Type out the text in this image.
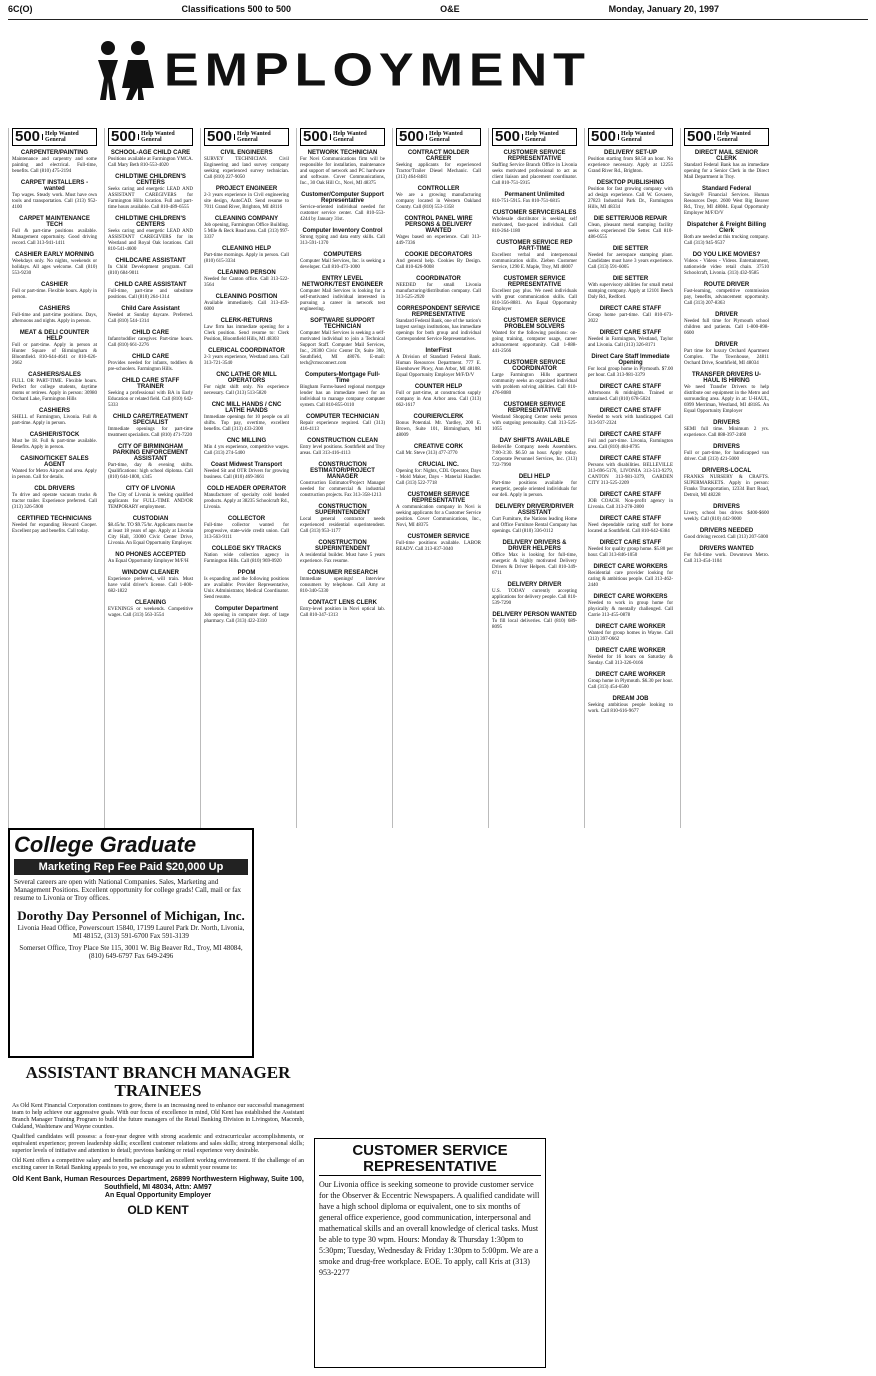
6C(O)	Classifications 500 to 500	O&E	Monday, January 20, 1997
EMPLOYMENT
500 Help Wanted General
CARPENTER/PAINTING

Maintenance and carpentry and some painting and electrical. Full-time, benefits. Call (810) 475-2194

CARPET INSTALLERS - wanted

Top wages. Steady work. Must have own tools and transportation. Call (313) 952-4100

CARPET MAINTENANCE TECH

Full & part-time positions available. Management opportunity. Good driving record. Call 313-941-1411

CASHIER EARLY MORNING

Weekdays only. No nights, weekends or holidays. All ages welcome. Call (810) 553-9230

CASHIER

Full or part-time. Flexible hours. Apply in person.

CASHIERS

Full-time and part-time positions. Days, afternoons and nights. Apply in person.

MEAT & DELI COUNTER HELP

Full or part-time. Apply in person at Hunter Square of Birmingham & Bloomfield. 810-644-4641 or 810-626-2662

CASHIERS/SALES

FULL OR PART-TIME. Flexible hours. Perfect for college students, daytime moms or retirees. Apply in person: 30980 Orchard Lake, Farmington Hills

CASHIERS

SHELL of Farmington, Livonia. Full & part-time. Apply in person.

CASHIER/STOCK

Must be 18. Full & part-time available. Benefits. Apply in person.

CASINO/TICKET SALES AGENT

Wanted for Metro Airport and area. Apply in person. Call for details.

CDL DRIVERS

To drive and operate vacuum trucks & tractor trailer. Experience preferred. Call (313) 326-5900

CERTIFIED TECHNICIANS

Needed for expanding Howard Cooper. Excellent pay and benefits. Call today.

500 Help Wanted General
SCHOOL-AGE CHILD CARE

Positions available at Farmington YMCA. Call Mary Beth 810-553-4020

CHILDTIME CHILDREN'S CENTERS

Seeks caring and energetic LEAD AND ASSISTANT CAREGIVERS for Farmington Hills location. Full and part-time hours available. Call 810-489-6555

CHILDTIME CHILDREN'S CENTERS

Seeks caring and energetic LEAD AND ASSISTANT CAREGIVERS for its Westland and Royal Oak locations. Call 810-541-4600

CHILDCARE ASSISTANT

In Child Development program. Call (810) 684-9011

CHILD CARE ASSISTANT

Full-time, part-time and substitute positions. Call (810) 264-1314

Child Care Assistant

Needed at Sunday daycare. Preferred. Call (810) 544-1314

CHILD CARE

Infant/toddler caregiver. Part-time hours. Call (810) 661-2276

CHILD CARE

Provides needed for infants, toddlers & pre-schoolers. Farmington Hills.

CHILD CARE STAFF TRAINER

Seeking a professional with BA in Early Education or related field. Call (810) 642-5333

CHILD CARE/TREATMENT SPECIALIST

Immediate openings for part-time treatment specialists. Call (810) 471-7220

CITY OF BIRMINGHAM PARKING ENFORCEMENT ASSISTANT

Part-time, day & evening shifts. Qualifications: high school diploma. Call (810) 644-1800, x345

CITY OF LIVONIA

The City of Livonia is seeking qualified applicants for FULL-TIME AND/OR TEMPORARY employment.

CUSTODIAN

$8.45/hr. TO $9.75/hr. Applicants must be at least 18 years of age. Apply at Livonia City Hall, 33000 Civic Center Drive, Livonia. An Equal Opportunity Employer.

NO PHONES ACCEPTED

An Equal Opportunity Employer M/F/H

WINDOW CLEANER

Experience preferred, will train. Must have valid driver's license. Call 1-800-682-1822

CLEANING

EVENINGS or weekends. Competitive wages. Call (313) 563-3554

500 Help Wanted General
CIVIL ENGINEERS

SURVEY TECHNICIAN. Civil Engineering and land survey company seeking experienced survey technician. Call (810) 227-9050

PROJECT ENGINEER

2-3 years experience in Civil engineering site design, AutoCAD. Send resume to 7011 Grand River, Brighton, MI 48116

CLEANING COMPANY

Job opening, Farmington Office Building. 5 Mile & Beck Road area. Call (313) 997-3337

CLEANING HELP

Part-time mornings. Apply in person. Call (810) 615-3334

CLEANING PERSON

Needed for Canton office. Call 313-522-3564

CLEANING POSITION

Available immediately. Call 313-459-6000

CLERK-RETURNS

Law firm has immediate opening for a Clerk position. Send resume to: Clerk Position, Bloomfield Hills, MI 48303

CLERICAL COORDINATOR

2-3 years experience, Westland area. Call 313-721-3540

CNC LATHE OR MILL OPERATORS

For night shift only. No experience necessary. Call (313) 513-5820

CNC MILL HANDS / CNC LATHE HANDS

Immediate openings for 10 people on all shifts. Top pay, overtime, excellent benefits. Call (313) 433-2300

CNC MILLING

Min 4 yrs experience, competitive wages. Call (313) 274-5400

Coast Midwest Transport

Needed Sit and OTR Drivers for growing business. Call (810) 469-3661

COLD HEADER OPERATOR

Manufacturer of specialty cold headed products. Apply at 38235 Schoolcraft Rd., Livonia.

COLLECTOR

Full-time collector wanted for progressive, state-wide credit union. Call 313-563-9111

COLLEGE SKY TRACKS

Nation wide collection agency in Farmington Hills. Call (810) 969-0920

PPOM

Is expanding and the following positions are available: Provider Representative, Unix Administrator, Medical Coordinator. Send resume.

Computer Department

Job opening in computer dept. of large pharmacy. Call (313) 422-3310

500 Help Wanted General
NETWORK TECHNICIAN

For Novi Communications firm will be responsible for installation, maintenance and support of network and PC hardware and software. Cover Communications, Inc., 30 Oak Hill Ct., Novi, MI 48375

Customer/Computer Support Representative

Service-oriented individual needed for customer service center. Call 810-553-4244 by January 31st.

Computer Inventory Control

Strong typing and data entry skills. Call 313-591-1370

COMPUTERS

Computer Mail Services, Inc. is seeking a developer. Call 810-473-1000

ENTRY LEVEL NETWORK/TEST ENGINEER

Computer Mail Services is looking for a self-motivated individual interested in pursuing a career in network test engineering.

SOFTWARE SUPPORT TECHNICIAN

Computer Mail Services is seeking a self-motivated individual to join a Technical Support Staff. Computer Mail Services, Inc., 20300 Civic Center Dr, Suite 300, Southfield, MI 48076. E-mail: tech@cmsconnect.com

Computers-Mortgage Full-Time

Bingham Farms-based regional mortgage lender has an immediate need for an individual to manage company computer system. Call 810-855-0110

COMPUTER TECHNICIAN

Repair experience required. Call (313) 416-4113

CONSTRUCTION CLEAN

Entry level positions. Southfield and Troy areas. Call 313-416-4113

CONSTRUCTION ESTIMATOR/PROJECT MANAGER

Construction Estimator/Project Manager needed for commercial & industrial construction projects. Fax 313-358-1213

CONSTRUCTION SUPERINTENDENT

Local general contractor needs experienced residential superintendent. Call (313) 953-1177

CONSTRUCTION SUPERINTENDENT

A residential builder. Must have 5 years experience. Fax resume.

CONSUMER RESEARCH

Immediate openings! Interview consumers by telephone. Call Amy at 810-340-5330

CONTACT LENS CLERK

Entry-level position in Novi optical lab. Call 810-347-1313

500 Help Wanted General
CONTRACT MOLDER CAREER

Seeking applicants for experienced Tractor/Trailer Diesel Mechanic. Call (313) 464-8481

CONTROLLER

We are a growing manufacturing company located in Western Oakland County. Call (810) 553-1358

CONTROL PANEL WIRE PERSONS & DELIVERY WANTED

Wages based on experience. Call 313-449-7336

COOKIE DECORATORS

And general help. Cookies By Design. Call 810-626-9008

COORDINATOR

NEEDED for small Livonia manufacturing/distribution company. Call 313-525-2920

CORRESPONDENT SERVICE REPRESENTATIVE

Standard Federal Bank, one of the nation's largest savings institutions, has immediate openings for both group and individual Correspondent Service Representatives.

InterFirst

A Division of Standard Federal Bank. Human Resources Department. 777 E. Eisenhower Pkwy, Ann Arbor, MI 48108. Equal Opportunity Employer M/F/D/V

COUNTER HELP

Full or part-time, at construction supply company in Ann Arbor area. Call (313) 662-1617

COURIER/CLERK

Bonus Potential. Mr. Yardley, 200 E. Brown, Suite 101, Birmingham, MI 48009

CREATIVE CORK

Call Mr. Steve (313) 477-3770

CRUCIAL INC.

Opening for: Nights, CDL Operator, Days - Mold Maker, Days - Material Handler. Call (313) 522-7718

CUSTOMER SERVICE REPRESENTATIVE

A communication company in Novi is seeking applicants for a Customer Service position. Cover Communications, Inc., Novi, MI 48375

CUSTOMER SERVICE

Full-time positions available. LABOR READY. Call 313-837-3040

500 Help Wanted General
CUSTOMER SERVICE REPRESENTATIVE

Staffing Service Branch Office in Livonia seeks motivated professional to act as client liaison and placement coordinator. Call 810-751-5915

Permanent Unlimited

810-751-5915. Fax 810-751-6815

CUSTOMER SERVICE/SALES

Wholesale distributor is seeking self motivated, fast-paced individual. Call 810-264-1180

CUSTOMER SERVICE REP PART-TIME

Excellent verbal and interpersonal communication skills. Zieben Customer Service, 1290 E. Maple, Troy, MI 48007

CUSTOMER SERVICE REPRESENTATIVE

Excellent pay plus. We need individuals with great communication skills. Call 810-356-8881. An Equal Opportunity Employer

CUSTOMER SERVICE PROBLEM SOLVERS

Wanted for the following positions: on-going training, computer usage, career advancement opportunity. Call 1-888-441-2566

CUSTOMER SERVICE COORDINATOR

Large Farmington Hills apartment community seeks an organized individual with problem solving abilities. Call 810-476-8080

CUSTOMER SERVICE REPRESENTATIVE

Westland Shopping Center seeks person with outgoing personality. Call 313-525-1055

DAY SHIFTS AVAILABLE

Belleville Company needs Assemblers. 7:00-3:30. $6.50 an hour. Apply today. Corporate Personnel Services, Inc. (313) 722-7990

DELI HELP

Part-time positions available for energetic, people oriented individuals for our deli. Apply in person.

DELIVERY DRIVER/DRIVER ASSISTANT

Curt Furniture, the Nations leading Home and Office Furniture Rental Company has openings. Call (810) 336-0112

DELIVERY DRIVERS & DRIVER HELPERS

Office Max is looking for full-time, energetic & highly motivated Delivery Drivers & Driver Helpers. Call 810-349-6711

DELIVERY DRIVER

U.S. TODAY currently accepting applications for delivery people. Call 810-539-7290

DELIVERY PERSON WANTED

To fill local deliveries. Call (810) 689-8095

500 Help Wanted General
DELIVERY SET-UP

Position starting from $8.50 an hour. No experience necessary. Apply at 12255 Grand River Rd., Brighton.

DESKTOP PUBLISHING

Position for fast growing company with ad design experience. Call W. Govaere, 27823 Industrial Park Dr., Farmington Hills, MI 48334

DIE SETTER/JOB REPAIR

Clean, pleasant metal stamping facility seeks experienced Die Setter. Call 810-486-0555

DIE SETTER

Needed for aerospace stamping plant. Candidates must have 3 years experience. Call (313) 591-6005

DIE SETTER

With supervisory abilities for small metal stamping company. Apply at 12101 Beech Daly Rd., Redford.

DIRECT CARE STAFF

Group home part-time. Call 810-673-2022

DIRECT CARE STAFF

Needed in Farmington, Westland, Taylor and Livonia. Call (313) 326-8171

Direct Care Staff Immediate Opening

For local group home in Plymouth. $7.00 per hour. Call 313-981-3379

DIRECT CARE STAFF

Afternoons & midnights. Trained or untrained. Call (810) 678-5024

DIRECT CARE STAFF

Needed to work with handicapped. Call 313-937-2324

DIRECT CARE STAFF

Full and part-time. Livonia, Farmington area. Call (810) 484-8795

DIRECT CARE STAFF

Persons with disabilities. BELLEVILLE 313-696-5176, LIVONIA 313-513-9279, CANTON 313-981-3379, GARDEN CITY 313-525-2209

DIRECT CARE STAFF

JOB COACH. Non-profit agency in Livonia. Call 313-278-2800

DIRECT CARE STAFF

Need dependable caring staff for home located at Southfield. Call 810-642-6384

DIRECT CARE STAFF

Needed for quality group home. $5.80 per hour. Call 313-846-1050

DIRECT CARE WORKERS

Residential care provider looking for caring & ambitious people. Call 313-462-2440

DIRECT CARE WORKERS

Needed to work in group home for physically & mentally challenged. Call Carrie 313-455-0878

DIRECT CARE WORKER

Wanted for group homes in Wayne. Call (313) 397-0662

DIRECT CARE WORKER

Needed for 16 hours on Saturday & Sunday. Call 313-326-0166

DIRECT CARE WORKER

Group home in Plymouth. $6.30 per hour. Call (313) 454-6500

DREAM JOB

Seeking ambitious people looking to work. Call 810-616-9677

500 Help Wanted General
DIRECT MAIL SENIOR CLERK

Standard Federal Bank has an immediate opening for a Senior Clerk in the Direct Mail Department in Troy.

Standard Federal

Savings® Financial Services. Human Resources Dept. 2600 West Big Beaver Rd., Troy, MI 48084. Equal Opportunity Employer M/F/D/V

Dispatcher & Freight Billing Clerk

Both are needed at this trucking company. Call (313) 945-9537

DO YOU LIKE MOVIES?

Videos - Videos - Videos. Entertainment, nationwide video retail chain. 37510 Schoolcraft, Livonia. (313) 432-9585

ROUTE DRIVER

Fast-learning, competitive commission pay, benefits, advancement opportunity. Call (313) 207-8363

DRIVER

Needed full time for Plymouth school children and patients. Call 1-800-898-6600

DRIVER

Part time for luxury Orchard Apartment Complex. The Townhouse, 24811 Orchard Drive, Southfield, MI 48034

TRANSFER DRIVERS U-HAUL IS HIRING

We need Transfer Drivers to help distribute our equipment in the Metro and surrounding area. Apply in at: U-HAUL, 6999 Merriman, Westland, MI 48185. An Equal Opportunity Employer

DRIVERS

SEMI full time. Minimum 2 yrs. experience. Call 888-397-2460

DRIVERS

Full or part-time, for handicapped van driver. Call (313) 421-5000

DRIVERS-LOCAL

FRANKS NURSERY & CRAFTS. SUPERMARKETS. Apply in person: Franks Transportation, 12334 Burt Road, Detroit, MI 48228

DRIVERS

Livery, school bus driver. $400-$600 weekly. Call (810) 442-9000

DRIVERS NEEDED

Good driving record. Call (313) 207-5000

DRIVERS WANTED

For full-time work. Downtown Metro. Call 313-454-1104

College Graduate
Marketing Rep Fee Paid $20,000 Up

Several careers are open with National Companies. Sales, Marketing and Management Positions. Excellent opportunity for college grads! Call, mail or fax resume to Livonia or Troy offices.

Dorothy Day Personnel of Michigan, Inc.
Livonia Head Office, Powerscourt 15840, 17199 Laurel Park Dr. North, Livonia, MI 48152, (313) 591-6700 Fax 591-3139
Somerset Office, Troy Place Ste 115, 3001 W. Big Beaver Rd., Troy, MI 48084, (810) 649-6797 Fax 649-2496
ASSISTANT BRANCH MANAGER TRAINEES

As Old Kent Financial Corporation continues to grow, there is an increasing need to enhance our successful management team to help achieve our aggressive goals. With our focus of excellence in mind, Old Kent has established the Assistant Branch Manager Training Program to build the future managers of the Retail Banking Division in Livingston, Macomb, Oakland, Washtenaw and Wayne counties.

Qualified candidates will possess: a four-year degree with strong academic and extracurricular accomplishments, or equivalent experience; proven leadership skills; excellent customer relations and sales skills; strong interpersonal skills; superior levels of initiative and attention to detail; previous banking or retail experience very desirable.

Old Kent offers a competitive salary and benefits package and an excellent working environment. If the challenge of an exciting career in Retail Banking appeals to you, we encourage you to submit your resume to:

Old Kent Bank, Human Resources Department, 26899 Northwestern Highway, Suite 100, Southfield, MI 48034, Attn: AM97
An Equal Opportunity Employer
OLD KENT
CUSTOMER SERVICE REPRESENTATIVE

Our Livonia office is seeking someone to provide customer service for the Observer & Eccentric Newspapers. A qualified candidate will have a high school diploma or equivalent, one to six months of general office experience, good communication, interpersonal and mathematical skills and an overall knowledge of clerical tasks. Must be able to type 30 wpm. Hours: Monday & Thursday 1:30pm to 5:30pm; Tuesday, Wednesday & Friday 1:30pm to 5:00pm. We are a smoke and drug-free workplace. EOE. To apply, call Kris at (313) 953-2277
